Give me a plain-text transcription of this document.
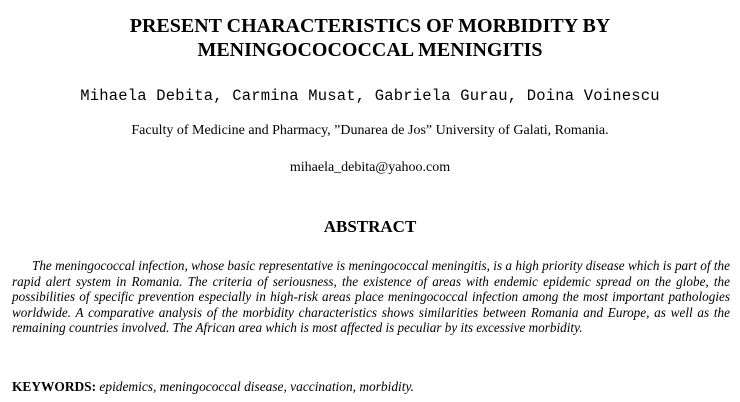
PRESENT CHARACTERISTICS OF MORBIDITY BY
MENINGOCOCOCCAL MENINGITIS
Mihaela Debita, Carmina Musat, Gabriela Gurau, Doina Voinescu
Faculty of Medicine and Pharmacy, ”Dunarea de Jos” University of Galati, Romania.
mihaela_debita@yahoo.com
ABSTRACT

The meningococcal infection, whose basic representative is meningococcal meningitis, is a high priority disease which is part of the rapid alert system in Romania. The criteria of seriousness, the existence of areas with endemic epidemic spread on the globe, the possibilities of specific prevention especially in high-risk areas place meningococcal infection among the most important pathologies worldwide. A comparative analysis of the morbidity characteristics shows similarities between Romania and Europe, as well as the remaining countries involved. The African area which is most affected is peculiar by its excessive morbidity.

KEYWORDS: epidemics, meningococcal disease, vaccination, morbidity.
